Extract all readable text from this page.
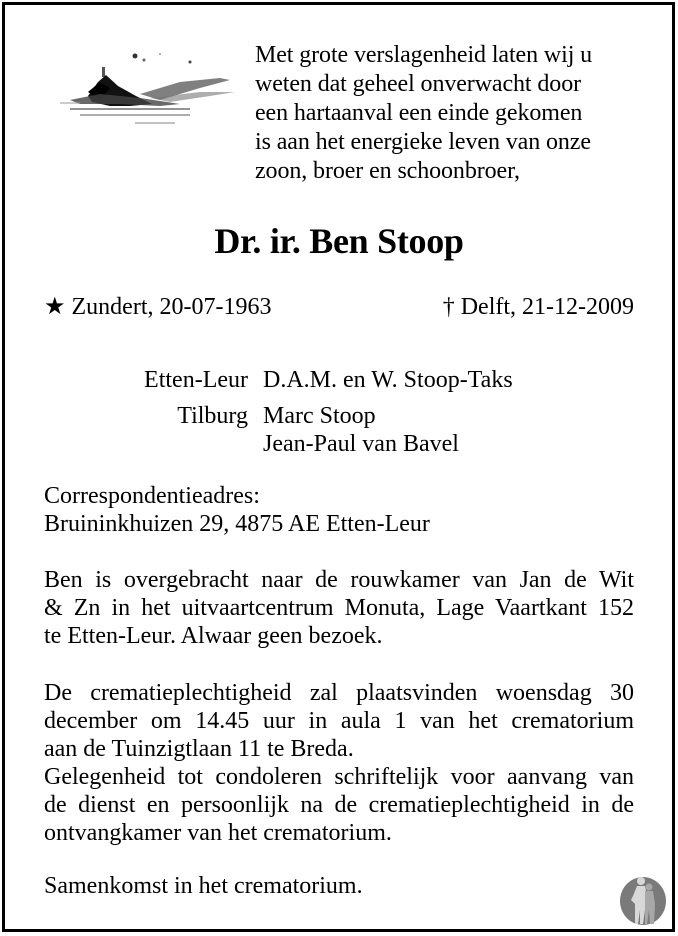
Met grote verslagenheid laten wij u
weten dat geheel onverwacht door
een hartaanval een einde gekomen
is aan het energieke leven van onze
zoon, broer en schoonbroer,
Dr. ir. Ben Stoop
★ Zundert, 20-07-1963	† Delft, 21-12-2009
Etten-Leur D.A.M. en W. Stoop-Taks
Tilburg Marc Stoop
Jean-Paul van Bavel
Correspondentieadres:
Bruininkhuizen 29, 4875 AE Etten-Leur
Ben is overgebracht naar de rouwkamer van Jan de Wit
& Zn in het uitvaartcentrum Monuta, Lage Vaartkant 152
te Etten-Leur. Alwaar geen bezoek.
De crematieplechtigheid zal plaatsvinden woensdag 30
december om 14.45 uur in aula 1 van het crematorium
aan de Tuinzigtlaan 11 te Breda.
Gelegenheid tot condoleren schriftelijk voor aanvang van
de dienst en persoonlijk na de crematieplechtigheid in de
ontvangkamer van het crematorium.
Samenkomst in het crematorium.
